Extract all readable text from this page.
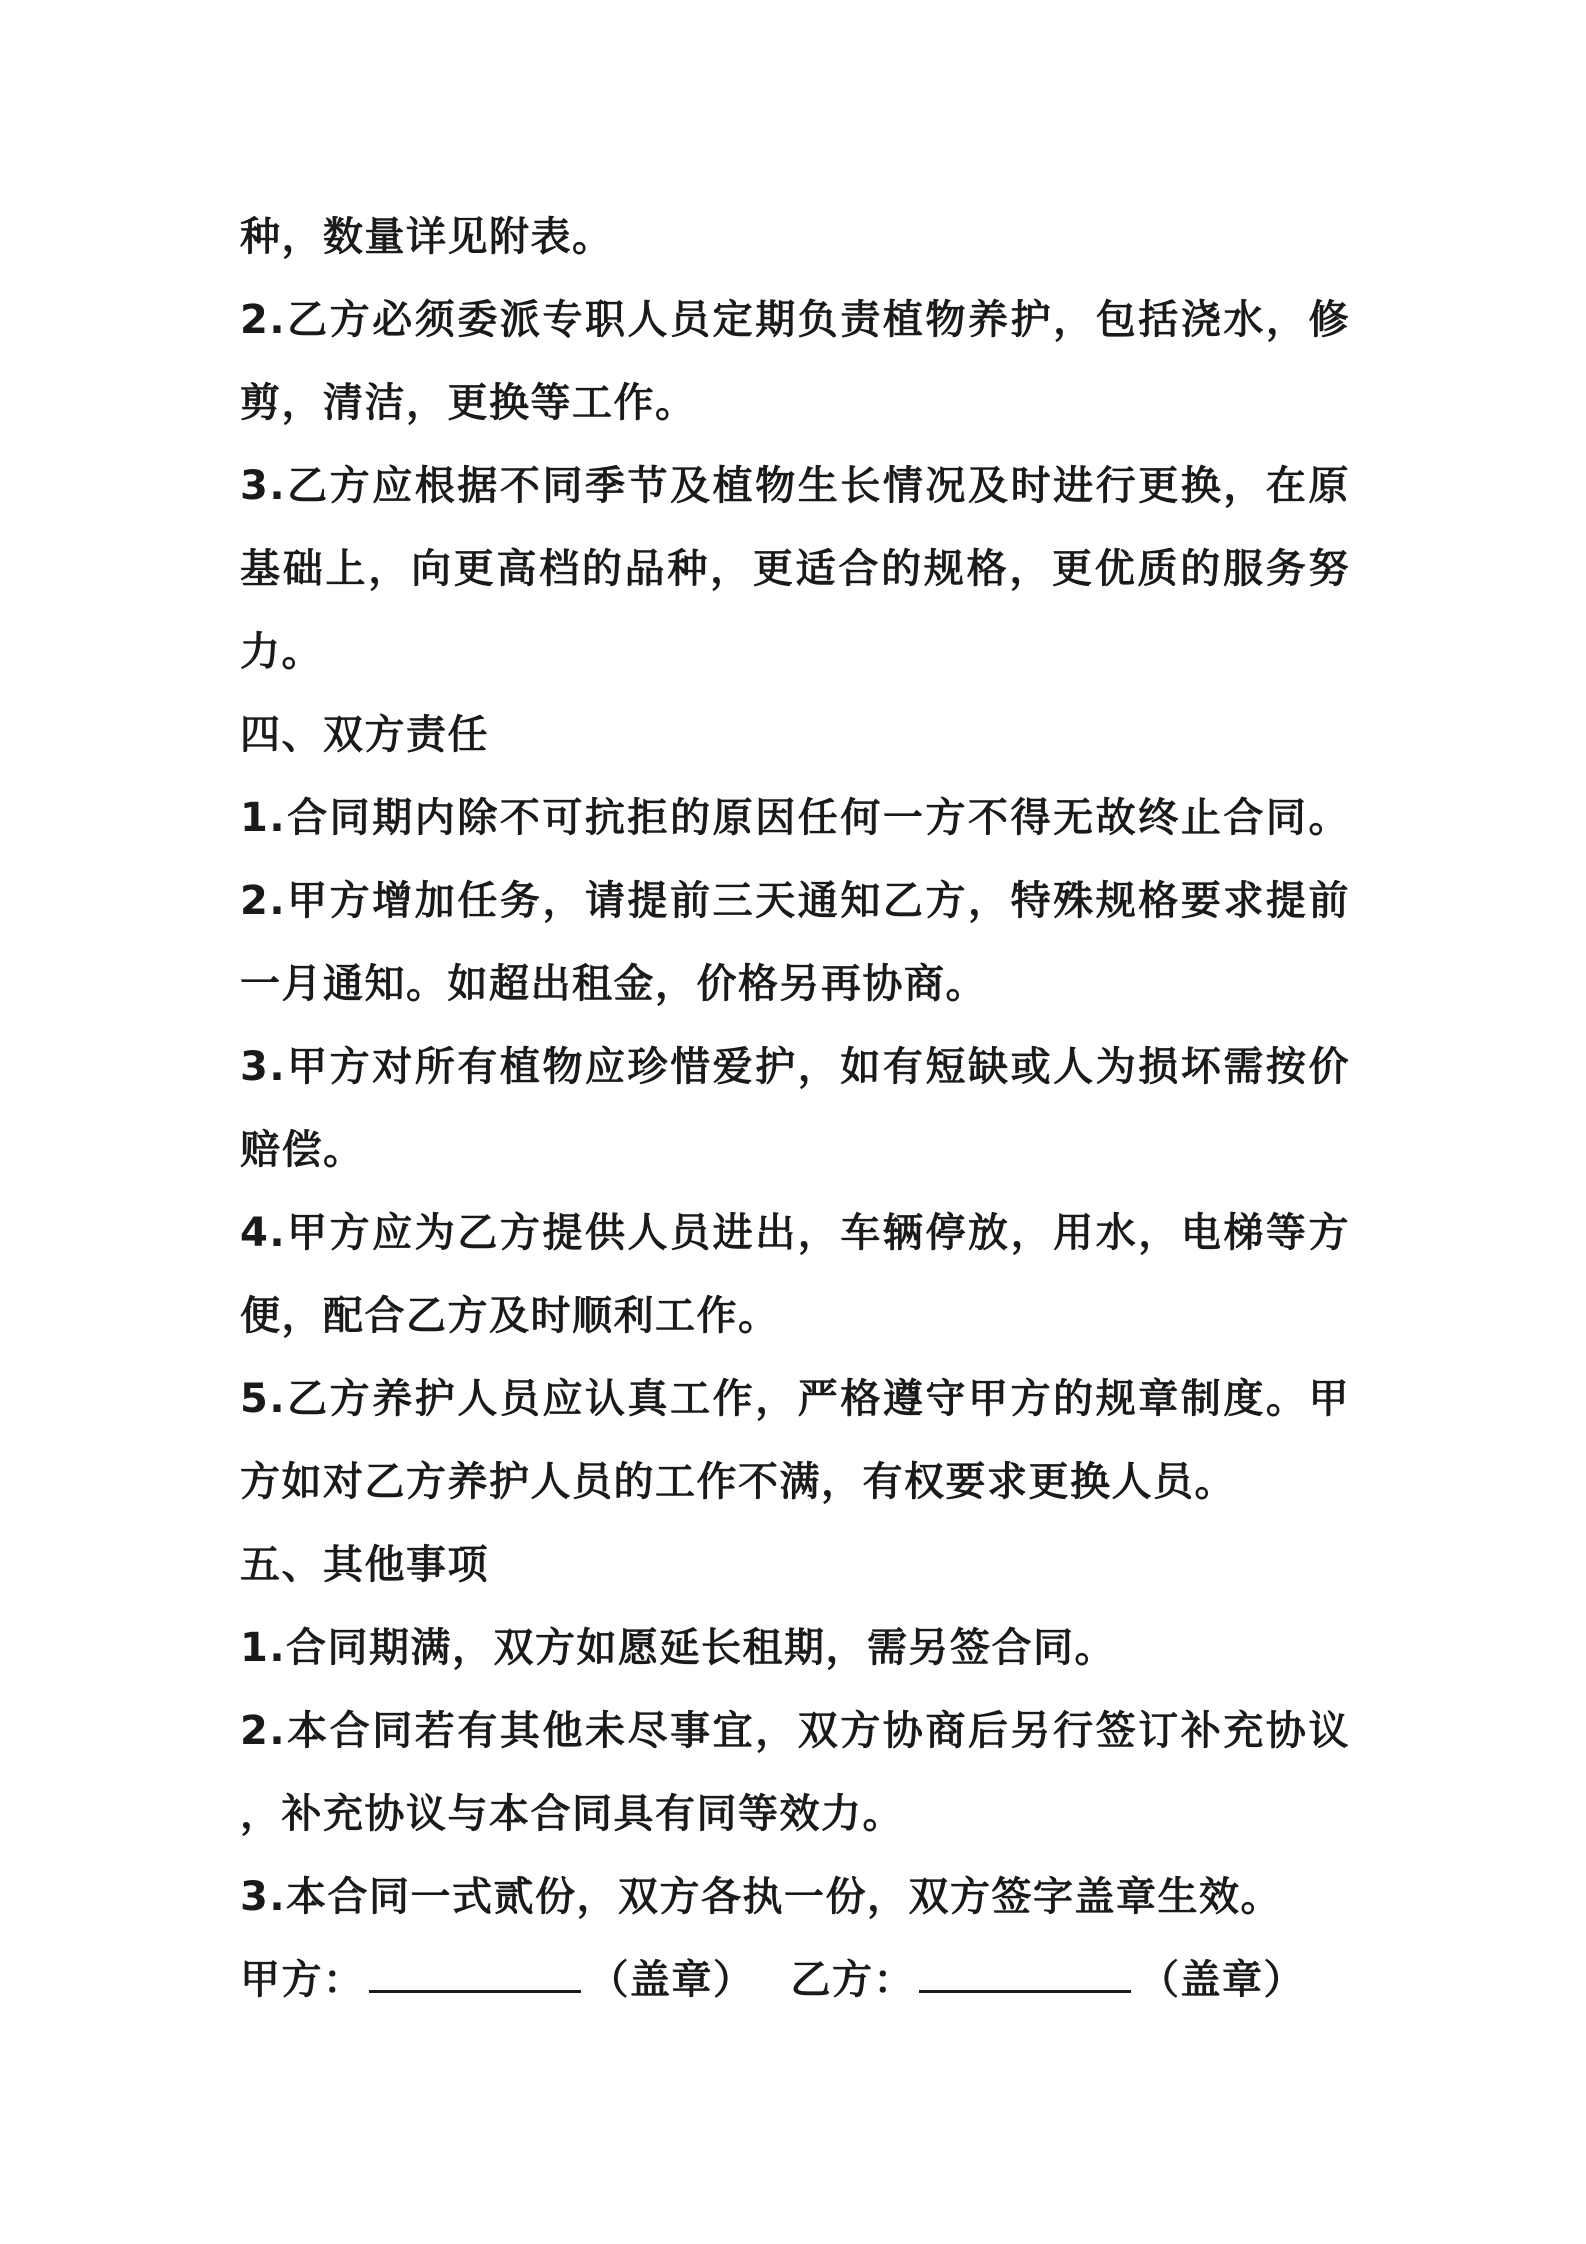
种，数量详见附表。
2.乙方必须委派专职人员定期负责植物养护，包括浇水，修
剪，清洁，更换等工作。
3.乙方应根据不同季节及植物生长情况及时进行更换，在原
基础上，向更高档的品种，更适合的规格，更优质的服务努
力。
四、双方责任
1.合同期内除不可抗拒的原因任何一方不得无故终止合同。
2.甲方增加任务，请提前三天通知乙方，特殊规格要求提前
一月通知。如超出租金，价格另再协商。
3.甲方对所有植物应珍惜爱护，如有短缺或人为损坏需按价
赔偿。
4.甲方应为乙方提供人员进出，车辆停放，用水，电梯等方
便，配合乙方及时顺利工作。
5.乙方养护人员应认真工作，严格遵守甲方的规章制度。甲
方如对乙方养护人员的工作不满，有权要求更换人员。
五、其他事项
1.合同期满，双方如愿延长租期，需另签合同。
2.本合同若有其他未尽事宜，双方协商后另行签订补充协议
，补充协议与本合同具有同等效力。
3.本合同一式贰份，双方各执一份，双方签字盖章生效。
甲方：	（盖章） 乙方：	（盖章）
